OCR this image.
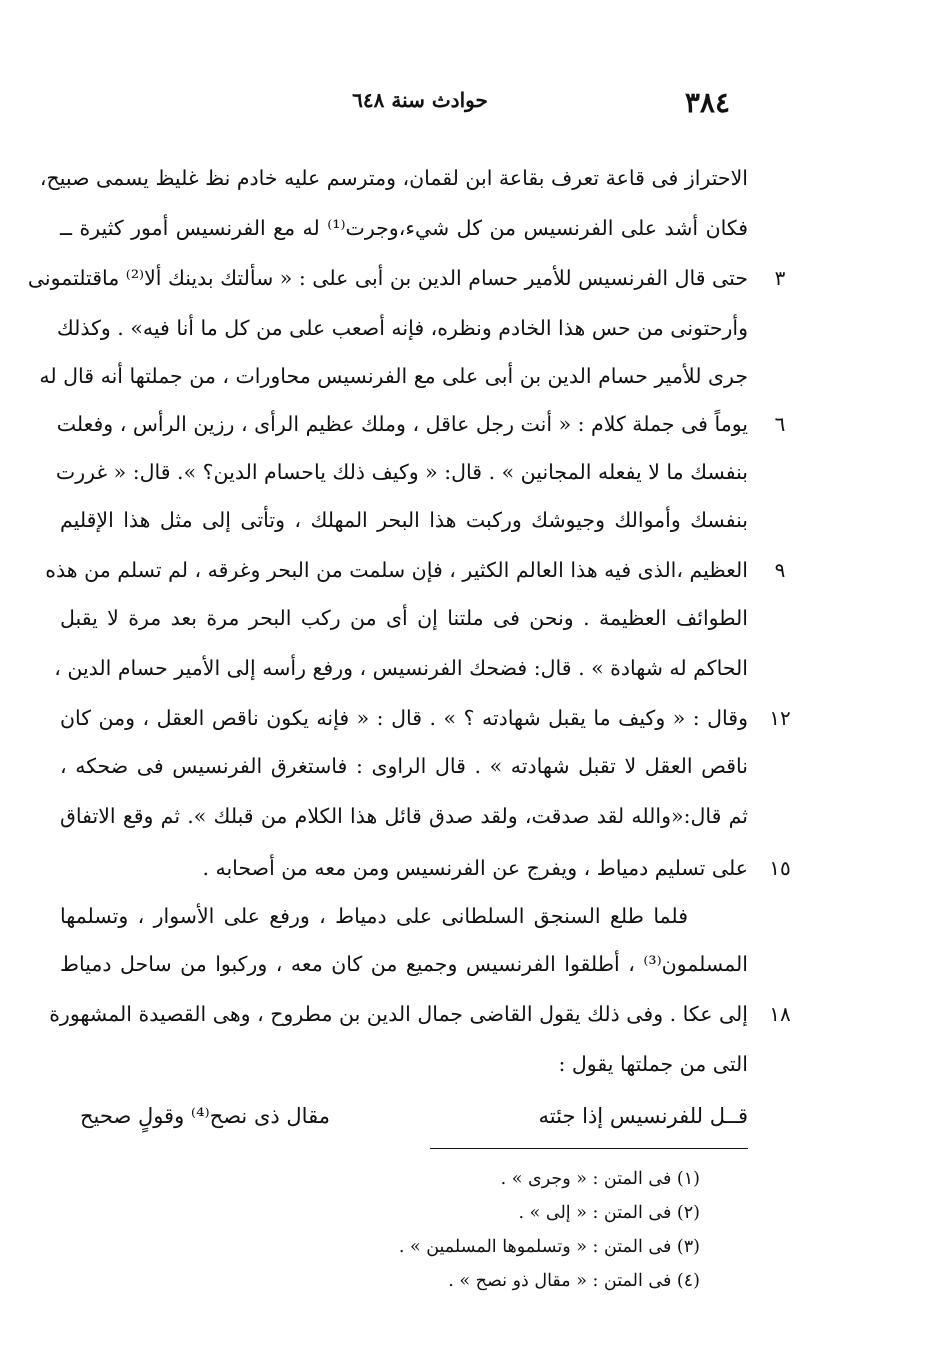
٣٨٤
حوادث سنة ٦٤٨
الاحتراز فى قاعة تعرف بقاعة ابن لقمان، ومترسم عليه خادم نظ غليظ يسمى صبيح،
فكان أشد على الفرنسيس من كل شيء،وجرت⁽¹⁾ له مع الفرنسيس أمور كثيرة ــ
حتى قال الفرنسيس للأمير حسام الدين بن أبى على : « سألتك بدينك ألا⁽²⁾ ماقتلتمونى
وأرحتونى من حس هذا الخادم ونظره، فإنه أصعب على من كل ما أنا فيه» . وكذلك
جرى للأمير حسام الدين بن أبى على مع الفرنسيس محاورات ، من جملتها أنه قال له
يوماً فى جملة كلام : « أنت رجل عاقل ، وملك عظيم الرأى ، رزين الرأس ، وفعلت
بنفسك ما لا يفعله المجانين » . قال: « وكيف ذلك ياحسام الدين؟ ». قال: « غررت
بنفسك وأموالك وجيوشك وركبت هذا البحر المهلك ، وتأتى إلى مثل هذا الإقليم
العظيم ،الذى فيه هذا العالم الكثير ، فإن سلمت من البحر وغرقه ، لم تسلم من هذه
الطوائف العظيمة . ونحن فى ملتنا إن أى من ركب البحر مرة بعد مرة لا يقبل
الحاكم له شهادة » . قال: فضحك الفرنسيس ، ورفع رأسه إلى الأمير حسام الدين ،
وقال : « وكيف ما يقبل شهادته ؟ » . قال : « فإنه يكون ناقص العقل ، ومن كان
ناقص العقل لا تقبل شهادته » . قال الراوى : فاستغرق الفرنسيس فى ضحكه ،
ثم قال:«والله لقد صدقت، ولقد صدق قائل هذا الكلام من قبلك ». ثم وقع الاتفاق
على تسليم دمياط ، ويفرج عن الفرنسيس ومن معه من أصحابه .
فلما طلع السنجق السلطانى على دمياط ، ورفع على الأسوار ، وتسلمها
المسلمون⁽³⁾ ، أطلقوا الفرنسيس وجميع من كان معه ، وركبوا من ساحل دمياط
إلى عكا . وفى ذلك يقول القاضى جمال الدين بن مطروح ، وهى القصيدة المشهورة
التى من جملتها يقول :
٣
٦
٩
١٢
١٥
١٨
قــل للفرنسيس إذا جئته
مقال ذى نصح⁽⁴⁾ وقولٍ صحيح
(١) فى المتن : « وجرى » .
(٢) فى المتن : « إلى » .
(٣) فى المتن : « وتسلموها المسلمين » .
(٤) فى المتن : « مقال ذو نصح » .
